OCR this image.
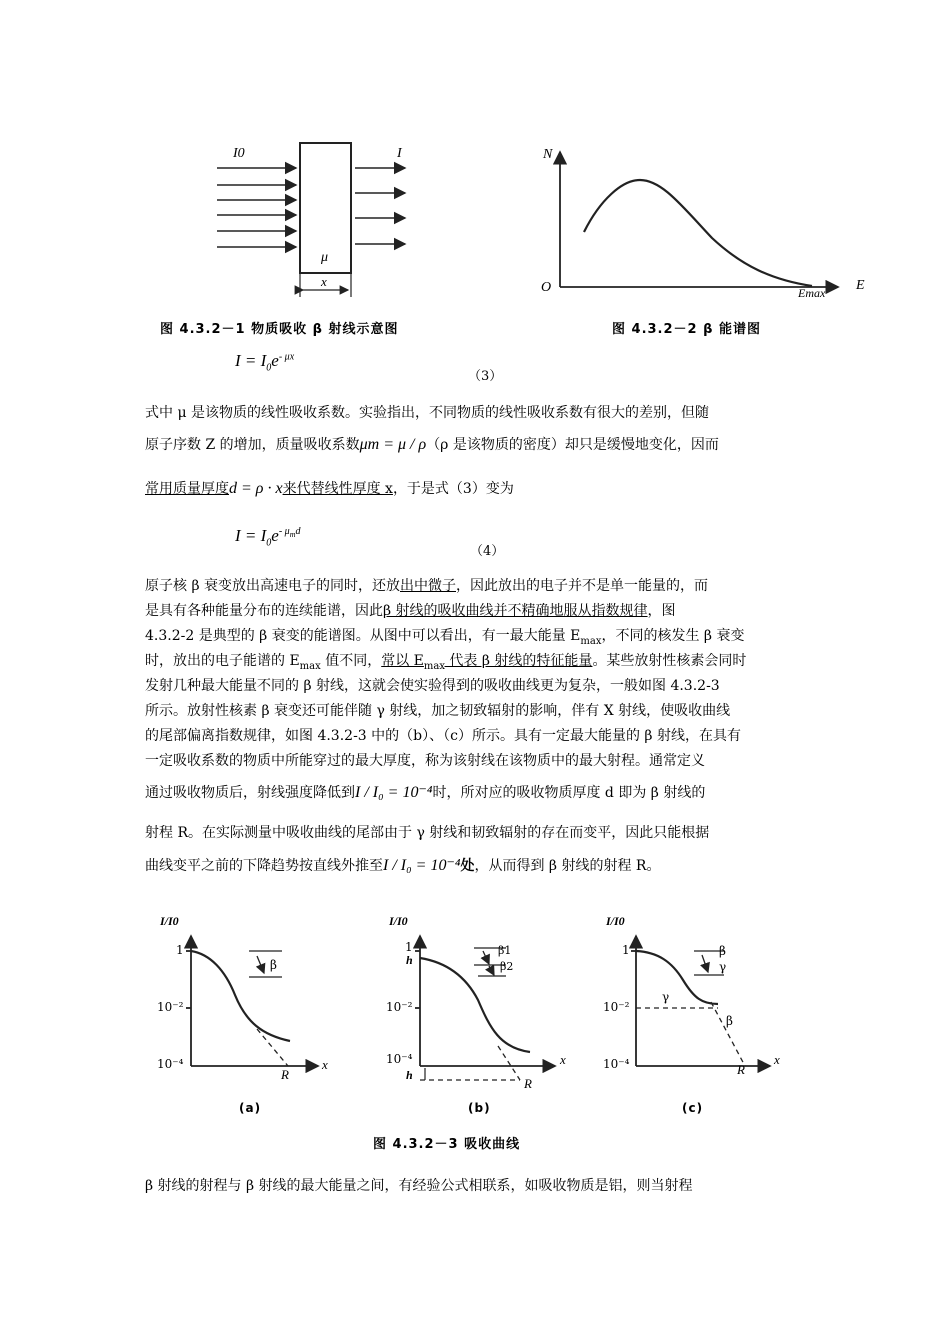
I0	I
μ
x
图 4.3.2－1 物质吸收 β 射线示意图
N
E
O	Emax
图 4.3.2－2 β 能谱图
$I = I_0e^{- \mu x}$
（3）
式中 μ 是该物质的线性吸收系数。实验指出，不同物质的线性吸收系数有很大的差别，但随
原子序数 Z 的增加，质量吸收系数μm = μ / ρ（ρ 是该物质的密度）却只是缓慢地变化，因而
常用质量厚度d = ρ · x来代替线性厚度 x，于是式（3）变为
$I = I_0e^{- \mu_md}$
（4）
原子核 β 衰变放出高速电子的同时，还放出中微子，因此放出的电子并不是单一能量的，而
是具有各种能量分布的连续能谱，因此β 射线的吸收曲线并不精确地服从指数规律，图
4.3.2-2 是典型的 β 衰变的能谱图。从图中可以看出，有一最大能量 $E_{max}$，不同的核发生 β 衰变
时，放出的电子能谱的 $E_{max}$ 值不同，常以 $E_{max}$ 代表 β 射线的特征能量。某些放射性核素会同时
发射几种最大能量不同的 β 射线，这就会使实验得到的吸收曲线更为复杂，一般如图 4.3.2-3
所示。放射性核素 β 衰变还可能伴随 γ 射线，加之韧致辐射的影响，伴有 X 射线，使吸收曲线
的尾部偏离指数规律，如图 4.3.2-3 中的（b）、（c）所示。具有一定最大能量的 β 射线，在具有
一定吸收系数的物质中所能穿过的最大厚度，称为该射线在该物质中的最大射程。通常定义
通过吸收物质后，射线强度降低到I / I₀ = 10⁻⁴时，所对应的吸收物质厚度 d 即为 β 射线的
射程 R。在实际测量中吸收曲线的尾部由于 γ 射线和韧致辐射的存在而变平，因此只能根据
曲线变平之前的下降趋势按直线外推至I / I₀ = 10⁻⁴处，从而得到 β 射线的射程 R。
I/I0
1
10⁻²
10⁻⁴	x
R
β
(a)
I/I0
1
h
10⁻²
10⁻⁴
h
x
R
β1
β2
(b)
I/I0
1
10⁻²
10⁻⁴	x
R
β
γ
γ
β
(c)
图 4.3.2－3 吸收曲线
β 射线的射程与 β 射线的最大能量之间，有经验公式相联系，如吸收物质是铝，则当射程
